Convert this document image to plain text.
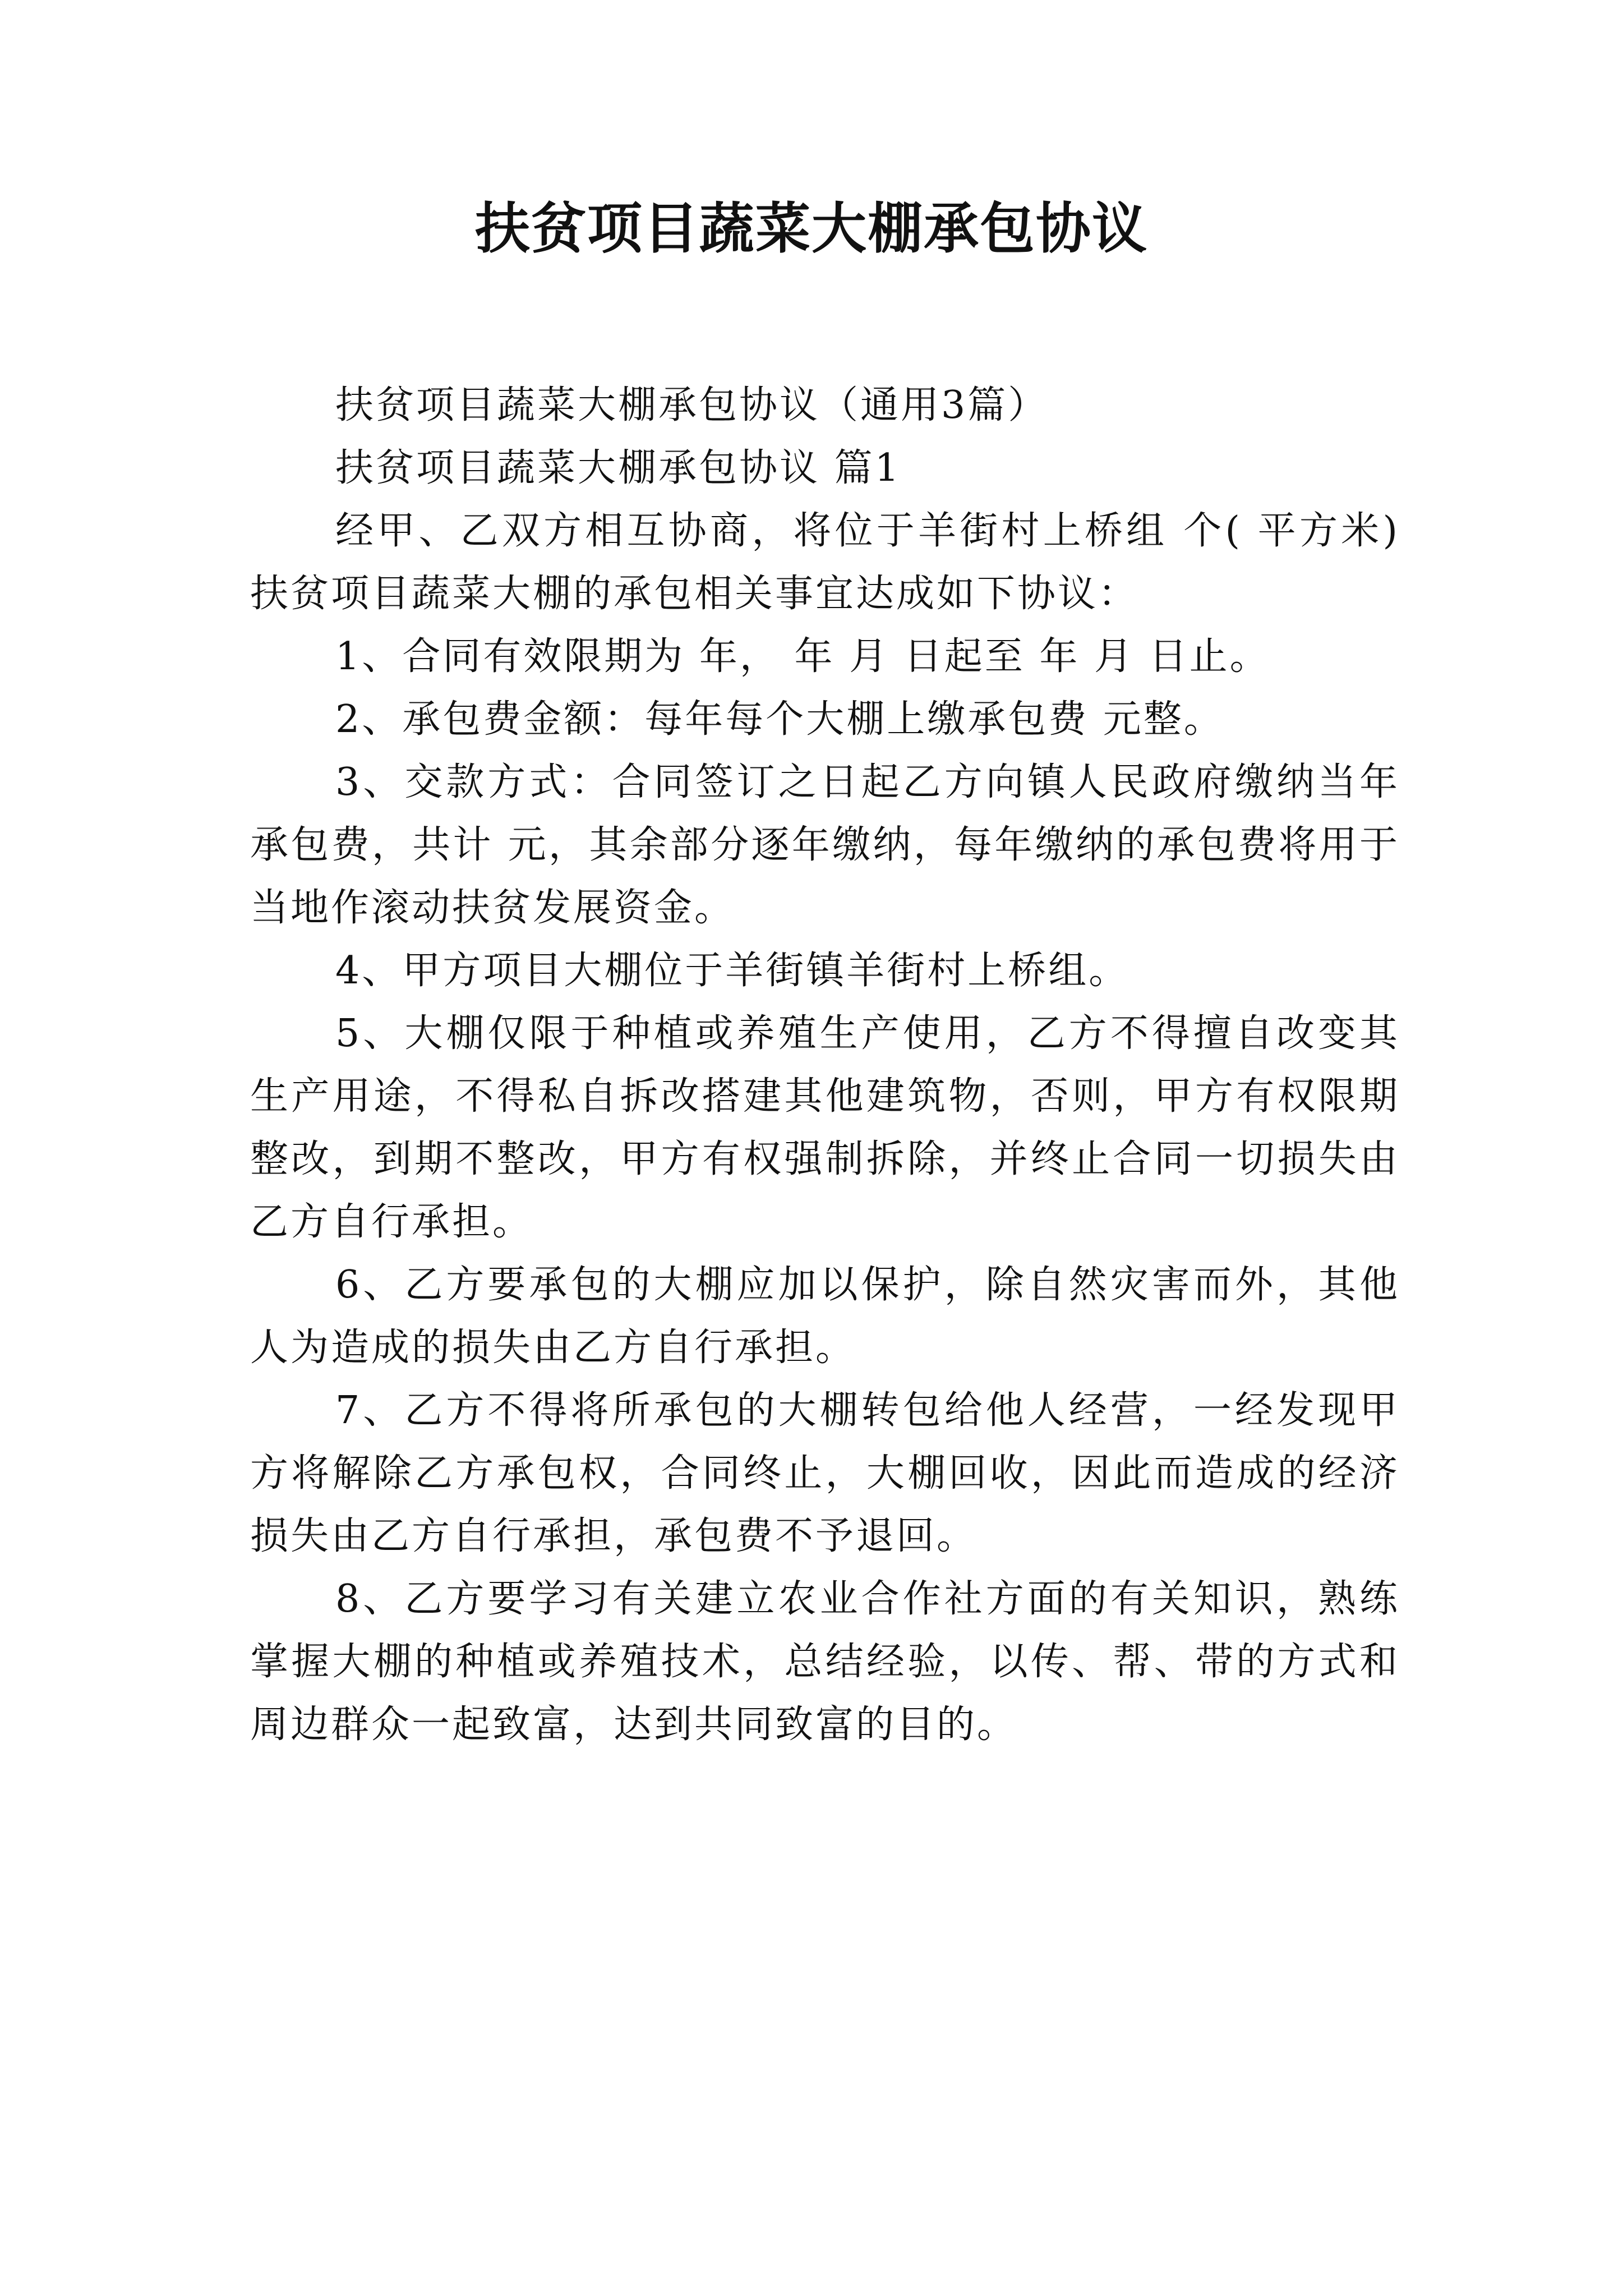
扶贫项目蔬菜大棚承包协议

扶贫项目蔬菜大棚承包协议（通用3篇）

扶贫项目蔬菜大棚承包协议 篇1

经甲、乙双方相互协商，将位于羊街村上桥组 个( 平方米)扶贫项目蔬菜大棚的承包相关事宜达成如下协议：

1、合同有效限期为 年， 年 月 日起至 年 月 日止。

2、承包费金额：每年每个大棚上缴承包费 元整。

3、交款方式：合同签订之日起乙方向镇人民政府缴纳当年承包费，共计 元，其余部分逐年缴纳，每年缴纳的承包费将用于当地作滚动扶贫发展资金。

4、甲方项目大棚位于羊街镇羊街村上桥组。

5、大棚仅限于种植或养殖生产使用，乙方不得擅自改变其生产用途，不得私自拆改搭建其他建筑物，否则，甲方有权限期整改，到期不整改，甲方有权强制拆除，并终止合同一切损失由乙方自行承担。

6、乙方要承包的大棚应加以保护，除自然灾害而外，其他人为造成的损失由乙方自行承担。

7、乙方不得将所承包的大棚转包给他人经营，一经发现甲方将解除乙方承包权，合同终止，大棚回收，因此而造成的经济损失由乙方自行承担，承包费不予退回。

8、乙方要学习有关建立农业合作社方面的有关知识，熟练掌握大棚的种植或养殖技术，总结经验，以传、帮、带的方式和周边群众一起致富，达到共同致富的目的。
